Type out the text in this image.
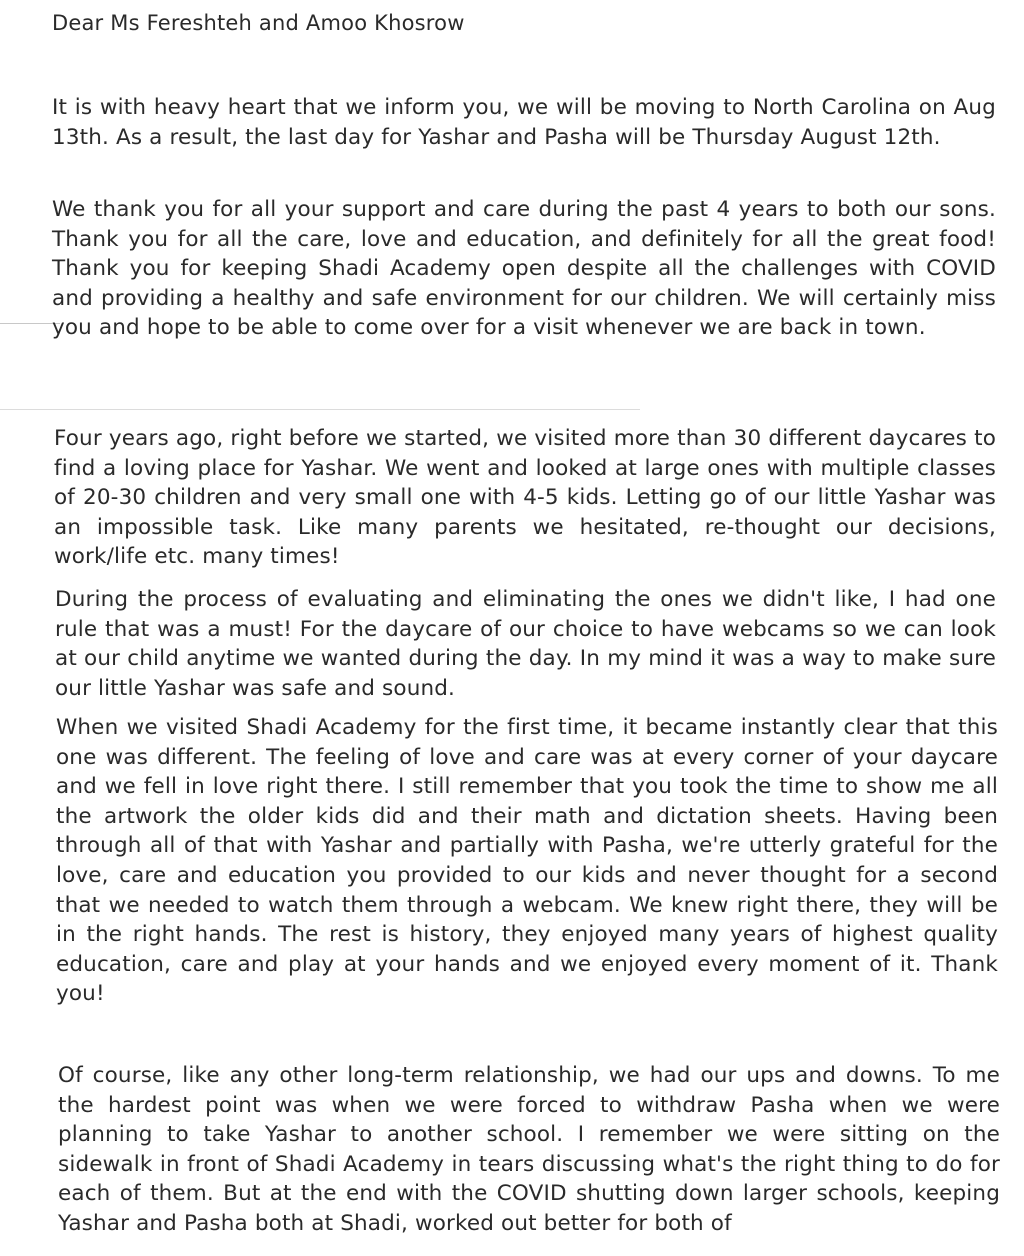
Dear Ms Fereshteh and Amoo Khosrow
It is with heavy heart that we inform you, we will be moving to North Carolina on Aug 13th. As a result, the last day for Yashar and Pasha will be Thursday August 12th.
We thank you for all your support and care during the past 4 years to both our sons. Thank you for all the care, love and education, and definitely for all the great food! Thank you for keeping Shadi Academy open despite all the challenges with COVID and providing a healthy and safe environment for our children. We will certainly miss you and hope to be able to come over for a visit whenever we are back in town.
Four years ago, right before we started, we visited more than 30 different daycares to find a loving place for Yashar. We went and looked at large ones with multiple classes of 20-30 children and very small one with 4-5 kids. Letting go of our little Yashar was an impossible task. Like many parents we hesitated, re-thought our decisions, work/life etc. many times!
During the process of evaluating and eliminating the ones we didn't like, I had one rule that was a must! For the daycare of our choice to have webcams so we can look at our child anytime we wanted during the day. In my mind it was a way to make sure our little Yashar was safe and sound.
When we visited Shadi Academy for the first time, it became instantly clear that this one was different. The feeling of love and care was at every corner of your daycare and we fell in love right there. I still remember that you took the time to show me all the artwork the older kids did and their math and dictation sheets. Having been through all of that with Yashar and partially with Pasha, we're utterly grateful for the love, care and education you provided to our kids and never thought for a second that we needed to watch them through a webcam. We knew right there, they will be in the right hands. The rest is history, they enjoyed many years of highest quality education, care and play at your hands and we enjoyed every moment of it. Thank you!
Of course, like any other long-term relationship, we had our ups and downs. To me the hardest point was when we were forced to withdraw Pasha when we were planning to take Yashar to another school. I remember we were sitting on the sidewalk in front of Shadi Academy in tears discussing what's the right thing to do for each of them. But at the end with the COVID shutting down larger schools, keeping Yashar and Pasha both at Shadi, worked out better for both of
